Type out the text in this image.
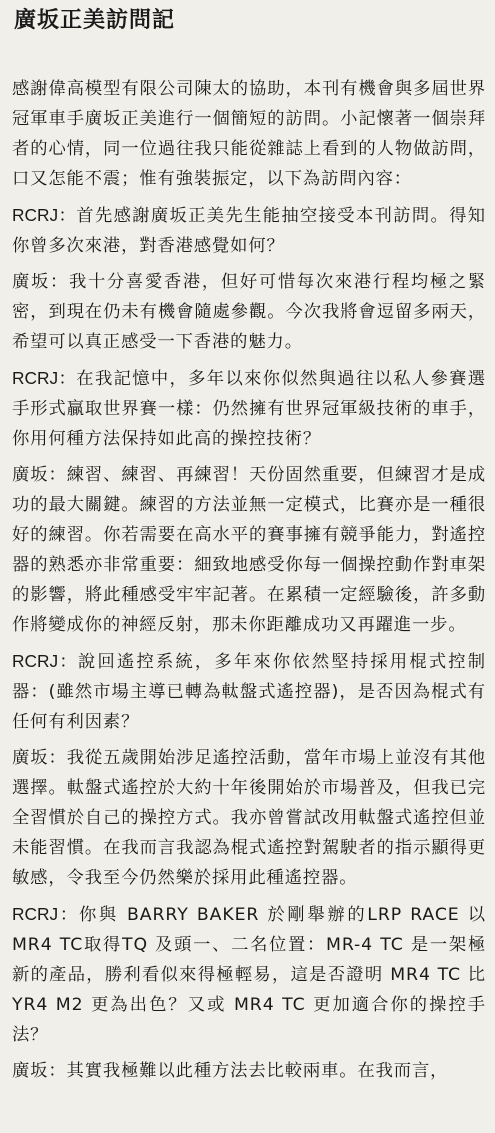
廣坂正美訪問記

感謝偉高模型有限公司陳太的協助，本刊有機會與多屆世界冠軍車手廣坂正美進行一個簡短的訪問。小記懷著一個崇拜者的心情，同一位過往我只能從雜誌上看到的人物做訪問，口又怎能不震；惟有強裝振定，以下為訪問內容：

RCRJ：首先感謝廣坂正美先生能抽空接受本刊訪問。得知你曾多次來港，對香港感覺如何？

廣坂：我十分喜愛香港，但好可惜每次來港行程均極之緊密，到現在仍未有機會隨處參觀。今次我將會逗留多兩天，希望可以真正感受一下香港的魅力。

RCRJ：在我記憶中，多年以來你似然與過往以私人參賽選手形式贏取世界賽一樣：仍然擁有世界冠軍級技術的車手，你用何種方法保持如此高的操控技術？

廣坂：練習、練習、再練習！天份固然重要，但練習才是成功的最大關鍵。練習的方法並無一定模式，比賽亦是一種很好的練習。你若需要在高水平的賽事擁有競爭能力，對遙控器的熟悉亦非常重要：細致地感受你每一個操控動作對車架的影響，將此種感受牢牢記著。在累積一定經驗後，許多動作將變成你的神經反射，那未你距離成功又再躍進一步。

RCRJ：說回遙控系統，多年來你依然堅持採用棍式控制器：(雖然市場主導已轉為軚盤式遙控器)，是否因為棍式有任何有利因素？

廣坂：我從五歲開始涉足遙控活動，當年市場上並沒有其他選擇。軚盤式遙控於大約十年後開始於市場普及，但我已完全習慣於自己的操控方式。我亦曾嘗試改用軚盤式遙控但並未能習慣。在我而言我認為棍式遙控對駕駛者的指示顯得更敏感，令我至今仍然樂於採用此種遙控器。

RCRJ：你與 BARRY BAKER 於剛舉辦的LRP RACE 以MR4 TC取得TQ 及頭一、二名位置：MR-4 TC 是一架極新的產品，勝利看似來得極輕易，這是否證明 MR4 TC 比 YR4 M2 更為出色？又或 MR4 TC 更加適合你的操控手法？

廣坂：其實我極難以此種方法去比較兩車。在我而言，
